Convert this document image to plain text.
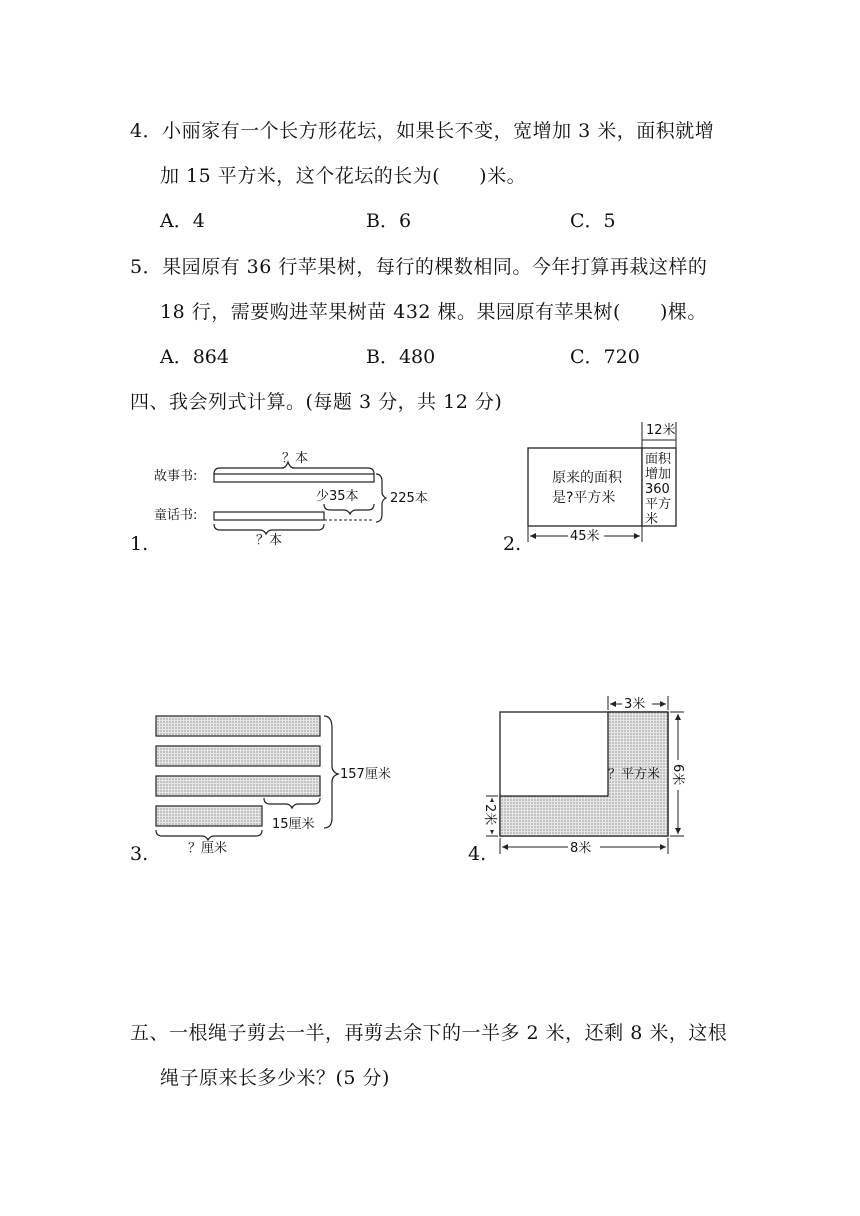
4．小丽家有一个长方形花坛，如果长不变，宽增加 3 米，面积就增
加 15 平方米，这个花坛的长为(　　)米。
A．4	B．6	C．5
5．果园原有 36 行苹果树，每行的棵数相同。今年打算再栽这样的
18 行，需要购进苹果树苗 432 棵。果园原有苹果树(　　)棵。
A．864	B．480	C．720
四、我会列式计算。(每题 3 分，共 12 分)
1.
？本
故事书:
少35本
童话书:
225本
？本	2.
12米
原来的面积
是?平方米
面积
增加
360
平方
米
45米
3.
157厘米
15厘米
？厘米	4.
3米
？平方米 6米
2米
8米
五、一根绳子剪去一半，再剪去余下的一半多 2 米，还剩 8 米，这根
绳子原来长多少米？(5 分)
